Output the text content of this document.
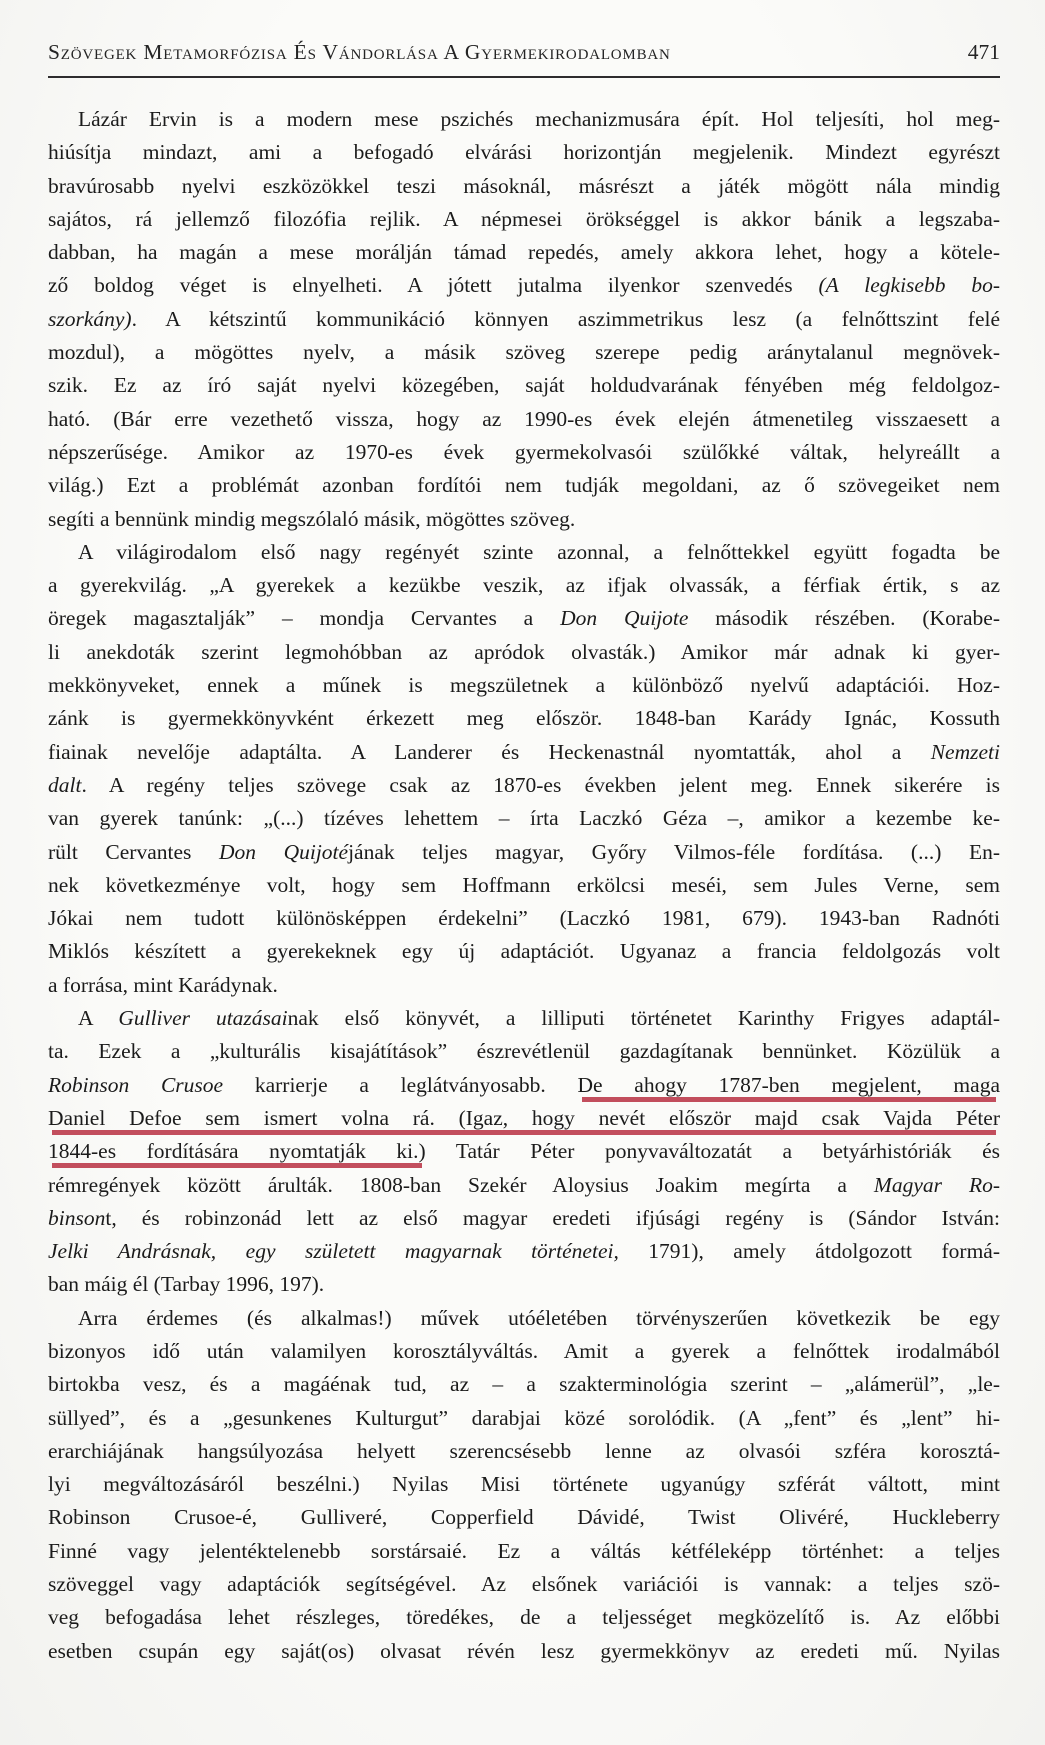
Szövegek Metamorfózisa És Vándorlása A Gyermekirodalomban	471
Lázár Ervin is a modern mese pszichés mechanizmusára épít. Hol teljesíti, hol meg-
hiúsítja mindazt, ami a befogadó elvárási horizontján megjelenik. Mindezt egyrészt
bravúrosabb nyelvi eszközökkel teszi másoknál, másrészt a játék mögött nála mindig
sajátos, rá jellemző filozófia rejlik. A népmesei örökséggel is akkor bánik a legszaba-
dabban, ha magán a mese morálján támad repedés, amely akkora lehet, hogy a kötele-
ző boldog véget is elnyelheti. A jótett jutalma ilyenkor szenvedés (A legkisebb bo-
szorkány). A kétszintű kommunikáció könnyen aszimmetrikus lesz (a felnőttszint felé
mozdul), a mögöttes nyelv, a másik szöveg szerepe pedig aránytalanul megnövek-
szik. Ez az író saját nyelvi közegében, saját holdudvarának fényében még feldolgoz-
ható. (Bár erre vezethető vissza, hogy az 1990-es évek elején átmenetileg visszaesett a
népszerűsége. Amikor az 1970-es évek gyermekolvasói szülőkké váltak, helyreállt a
világ.) Ezt a problémát azonban fordítói nem tudják megoldani, az ő szövegeiket nem
segíti a bennünk mindig megszólaló másik, mögöttes szöveg.
A világirodalom első nagy regényét szinte azonnal, a felnőttekkel együtt fogadta be
a gyerekvilág. „A gyerekek a kezükbe veszik, az ifjak olvassák, a férfiak értik, s az
öregek magasztalják” – mondja Cervantes a Don Quijote második részében. (Korabe-
li anekdoták szerint legmohóbban az apródok olvasták.) Amikor már adnak ki gyer-
mekkönyveket, ennek a műnek is megszületnek a különböző nyelvű adaptációi. Hoz-
zánk is gyermekkönyvként érkezett meg először. 1848-ban Karády Ignác, Kossuth
fiainak nevelője adaptálta. A Landerer és Heckenastnál nyomtatták, ahol a Nemzeti
dalt. A regény teljes szövege csak az 1870-es években jelent meg. Ennek sikerére is
van gyerek tanúnk: „(...) tízéves lehettem – írta Laczkó Géza –, amikor a kezembe ke-
rült Cervantes Don Quijotéjának teljes magyar, Győry Vilmos-féle fordítása. (...) En-
nek következménye volt, hogy sem Hoffmann erkölcsi meséi, sem Jules Verne, sem
Jókai nem tudott különösképpen érdekelni” (Laczkó 1981, 679). 1943-ban Radnóti
Miklós készített a gyerekeknek egy új adaptációt. Ugyanaz a francia feldolgozás volt
a forrása, mint Karádynak.
A Gulliver utazásainak első könyvét, a lilliputi történetet Karinthy Frigyes adaptál-
ta. Ezek a „kulturális kisajátítások” észrevétlenül gazdagítanak bennünket. Közülük a
Robinson Crusoe karrierje a leglátványosabb. De ahogy 1787-ben megjelent, maga
Daniel Defoe sem ismert volna rá. (Igaz, hogy nevét először majd csak Vajda Péter
1844-es fordítására nyomtatják ki.) Tatár Péter ponyvaváltozatát a betyárhistóriák és
rémregények között árulták. 1808-ban Szekér Aloysius Joakim megírta a Magyar Ro-
binsont, és robinzonád lett az első magyar eredeti ifjúsági regény is (Sándor István:
Jelki Andrásnak, egy született magyarnak történetei, 1791), amely átdolgozott formá-
ban máig él (Tarbay 1996, 197).
Arra érdemes (és alkalmas!) művek utóéletében törvényszerűen következik be egy
bizonyos idő után valamilyen korosztályváltás. Amit a gyerek a felnőttek irodalmából
birtokba vesz, és a magáénak tud, az – a szakterminológia szerint – „alámerül”, „le-
süllyed”, és a „gesunkenes Kulturgut” darabjai közé sorolódik. (A „fent” és „lent” hi-
erarchiájának hangsúlyozása helyett szerencsésebb lenne az olvasói szféra korosztá-
lyi megváltozásáról beszélni.) Nyilas Misi története ugyanúgy szférát váltott, mint
Robinson Crusoe-é, Gulliveré, Copperfield Dávidé, Twist Olivéré, Huckleberry
Finné vagy jelentéktelenebb sorstársaié. Ez a váltás kétféleképp történhet: a teljes
szöveggel vagy adaptációk segítségével. Az elsőnek variációi is vannak: a teljes szö-
veg befogadása lehet részleges, töredékes, de a teljességet megközelítő is. Az előbbi
esetben csupán egy saját(os) olvasat révén lesz gyermekkönyv az eredeti mű. Nyilas
